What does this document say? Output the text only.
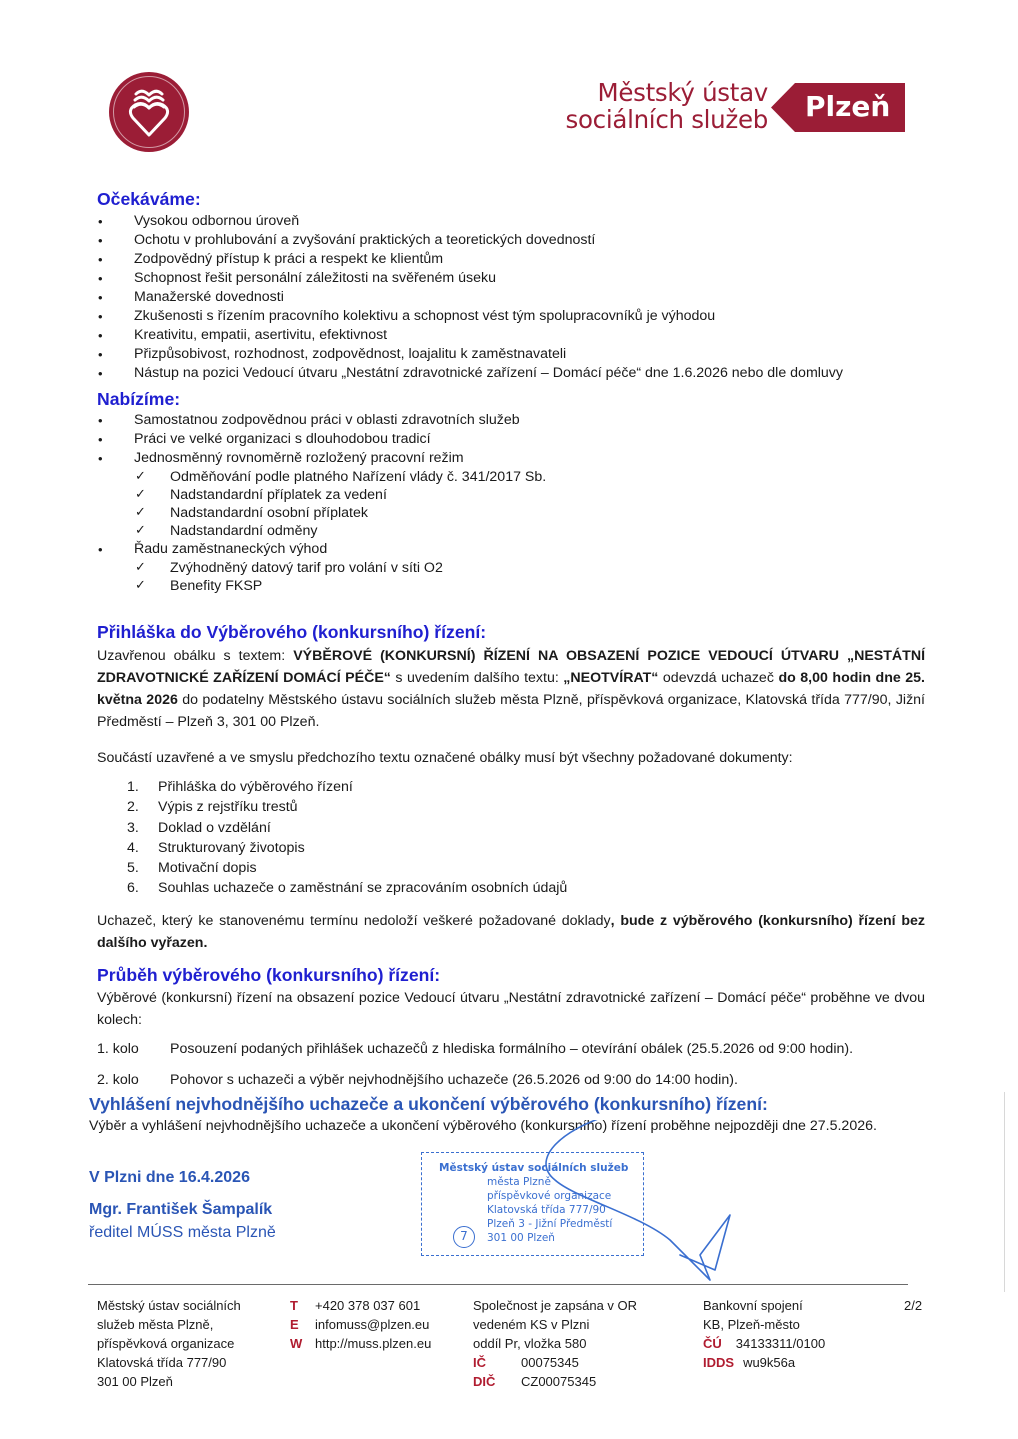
Městský ústav
sociálních služeb Plzeň
Očekáváme:
• Vysokou odbornou úroveň
• Ochotu v prohlubování a zvyšování praktických a teoretických dovedností
• Zodpovědný přístup k práci a respekt ke klientům
• Schopnost řešit personální záležitosti na svěřeném úseku
• Manažerské dovednosti
• Zkušenosti s řízením pracovního kolektivu a schopnost vést tým spolupracovníků je výhodou
• Kreativitu, empatii, asertivitu, efektivnost
• Přizpůsobivost, rozhodnost, zodpovědnost, loajalitu k zaměstnavateli
• Nástup na pozici Vedoucí útvaru „Nestátní zdravotnické zařízení – Domácí péče“ dne 1.6.2026 nebo dle domluvy
Nabízíme:
• Samostatnou zodpovědnou práci v oblasti zdravotních služeb
• Práci ve velké organizaci s dlouhodobou tradicí
• Jednosměnný rovnoměrně rozložený pracovní režim
✓ Odměňování podle platného Nařízení vlády č. 341/2017 Sb.
✓ Nadstandardní příplatek za vedení
✓ Nadstandardní osobní příplatek
✓ Nadstandardní odměny
• Řadu zaměstnaneckých výhod
✓ Zvýhodněný datový tarif pro volání v síti O2
✓ Benefity FKSP
Přihláška do Výběrového (konkursního) řízení:

Uzavřenou obálku s textem: VÝBĚROVÉ (KONKURSNÍ) ŘÍZENÍ NA OBSAZENÍ POZICE VEDOUCÍ ÚTVARU „NESTÁTNÍ ZDRAVOTNICKÉ ZAŘÍZENÍ DOMÁCÍ PÉČE“ s uvedením dalšího textu: „NEOTVÍRAT“ odevzdá uchazeč do 8,00 hodin dne 25. května 2026 do podatelny Městského ústavu sociálních služeb města Plzně, příspěvková organizace, Klatovská třída 777/90, Jižní Předměstí – Plzeň 3, 301 00 Plzeň.

Součástí uzavřené a ve smyslu předchozího textu označené obálky musí být všechny požadované dokumenty:

1. Přihláška do výběrového řízení
2. Výpis z rejstříku trestů
3. Doklad o vzdělání
4. Strukturovaný životopis
5. Motivační dopis
6. Souhlas uchazeče o zaměstnání se zpracováním osobních údajů

Uchazeč, který ke stanovenému termínu nedoloží veškeré požadované doklady, bude z výběrového (konkursního) řízení bez dalšího vyřazen.

Průběh výběrového (konkursního) řízení:

Výběrové (konkursní) řízení na obsazení pozice Vedoucí útvaru „Nestátní zdravotnické zařízení – Domácí péče“ proběhne ve dvou kolech:

1. kolo	Posouzení podaných přihlášek uchazečů z hlediska formálního – otevírání obálek (25.5.2026 od 9:00 hodin).
2. kolo	Pohovor s uchazeči a výběr nejvhodnějšího uchazeče (26.5.2026 od 9:00 do 14:00 hodin).
Vyhlášení nejvhodnějšího uchazeče a ukončení výběrového (konkursního) řízení:

Výběr a vyhlášení nejvhodnějšího uchazeče a ukončení výběrového (konkursního) řízení proběhne nejpozději dne 27.5.2026.

V Plzni dne 16.4.2026
Mgr. František Šampalík
ředitel MÚSS města Plzně
Městský ústav sociálních služeb
města Plzně
příspěvkové organizace
Klatovská třída 777/90
Plzeň 3 - Jižní Předměstí
301 00 Plzeň
7
Městský ústav sociálních
služeb města Plzně,
příspěvková organizace
Klatovská třída 777/90
301 00 Plzeň
T	+420 378 037 601
E	infomuss@plzen.eu
W http://muss.plzen.eu
Společnost je zapsána v OR
vedeném KS v Plzni
oddíl Pr, vložka 580
IČ	00075345
DIČ	CZ00075345
Bankovní spojení
KB, Plzeň-město
ČÚ 34133311/0100
IDDS wu9k56a
2/2
